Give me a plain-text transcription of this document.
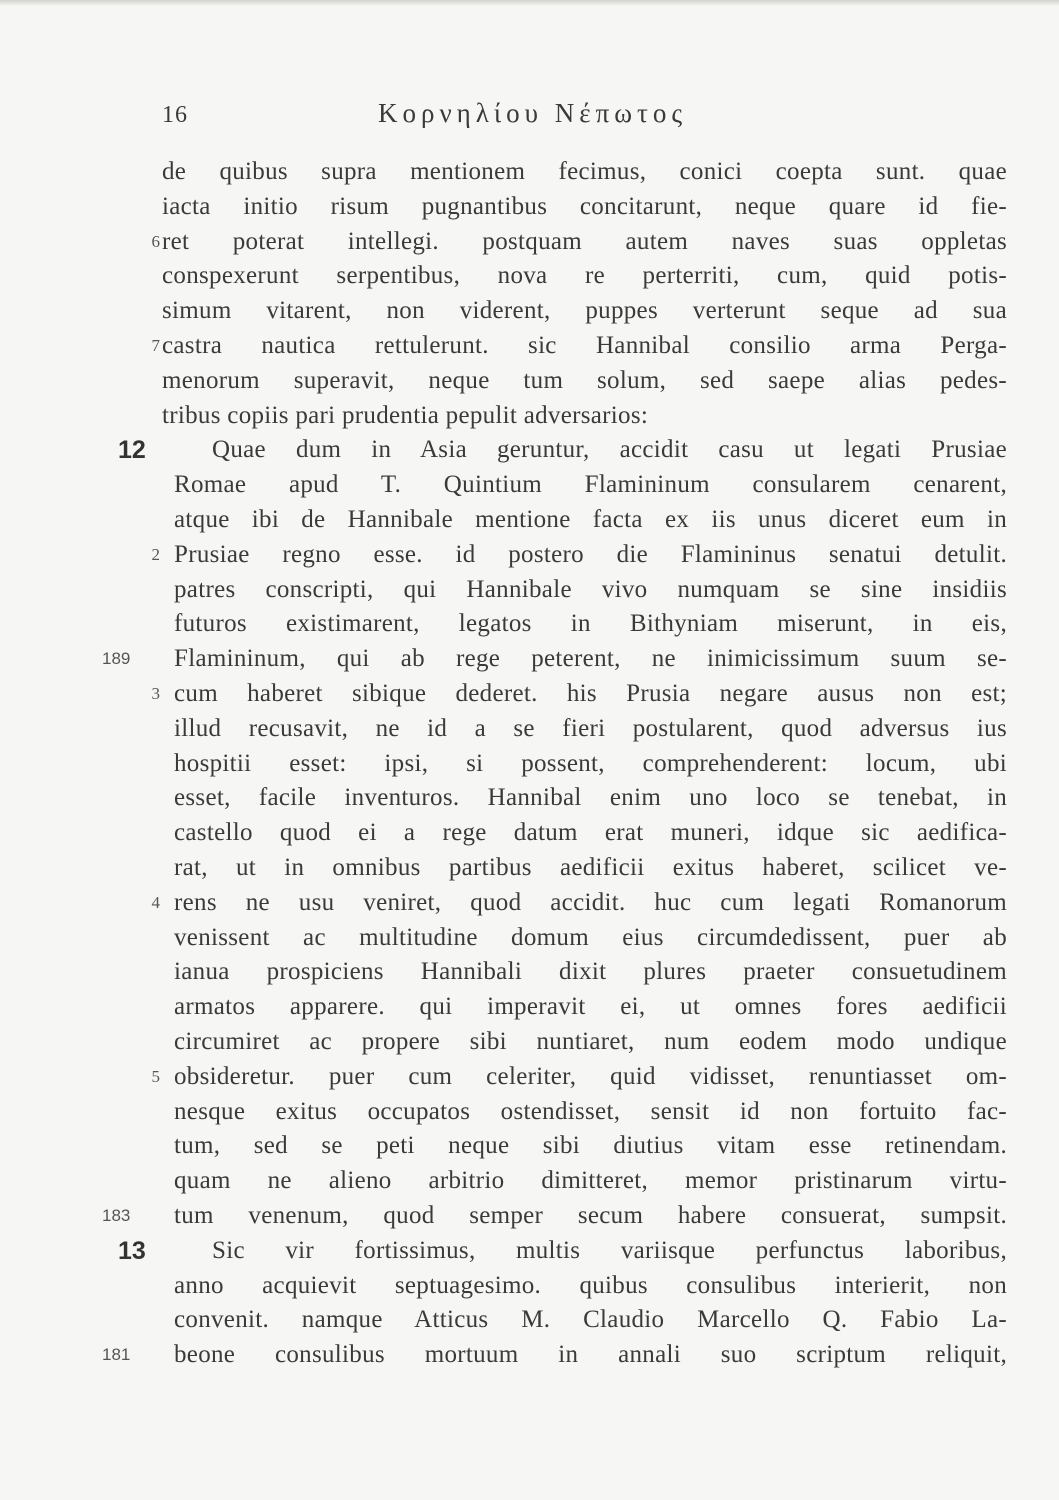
16	Κορνηλίου Νέπωτος
de quibus supra mentionem fecimus, conici coepta sunt. quae
iacta initio risum pugnantibus concitarunt, neque quare id fie-
6 ret poterat intellegi. postquam autem naves suas oppletas
conspexerunt serpentibus, nova re perterriti, cum, quid potis-
simum vitarent, non viderent, puppes verterunt seque ad sua
7 castra nautica rettulerunt. sic Hannibal consilio arma Perga-
menorum superavit, neque tum solum, sed saepe alias pedes-
tribus copiis pari prudentia pepulit adversarios:
12	Quae dum in Asia geruntur, accidit casu ut legati Prusiae
Romae apud T. Quintium Flamininum consularem cenarent,
atque ibi de Hannibale mentione facta ex iis unus diceret eum in
2 Prusiae regno esse. id postero die Flamininus senatui detulit.
patres conscripti, qui Hannibale vivo numquam se sine insidiis
futuros existimarent, legatos in Bithyniam miserunt, in eis,
189 Flamininum, qui ab rege peterent, ne inimicissimum suum se-
3 cum haberet sibique dederet. his Prusia negare ausus non est;
illud recusavit, ne id a se fieri postularent, quod adversus ius
hospitii esset: ipsi, si possent, comprehenderent: locum, ubi
esset, facile inventuros. Hannibal enim uno loco se tenebat, in
castello quod ei a rege datum erat muneri, idque sic aedifica-
rat, ut in omnibus partibus aedificii exitus haberet, scilicet ve-
4 rens ne usu veniret, quod accidit. huc cum legati Romanorum
venissent ac multitudine domum eius circumdedissent, puer ab
ianua prospiciens Hannibali dixit plures praeter consuetudinem
armatos apparere. qui imperavit ei, ut omnes fores aedificii
circumiret ac propere sibi nuntiaret, num eodem modo undique
5 obsideretur. puer cum celeriter, quid vidisset, renuntiasset om-
nesque exitus occupatos ostendisset, sensit id non fortuito fac-
tum, sed se peti neque sibi diutius vitam esse retinendam.
quam ne alieno arbitrio dimitteret, memor pristinarum virtu-
183 tum venenum, quod semper secum habere consuerat, sumpsit.
13	Sic vir fortissimus, multis variisque perfunctus laboribus,
anno acquievit septuagesimo. quibus consulibus interierit, non
convenit. namque Atticus M. Claudio Marcello Q. Fabio La-
181 beone consulibus mortuum in annali suo scriptum reliquit,
